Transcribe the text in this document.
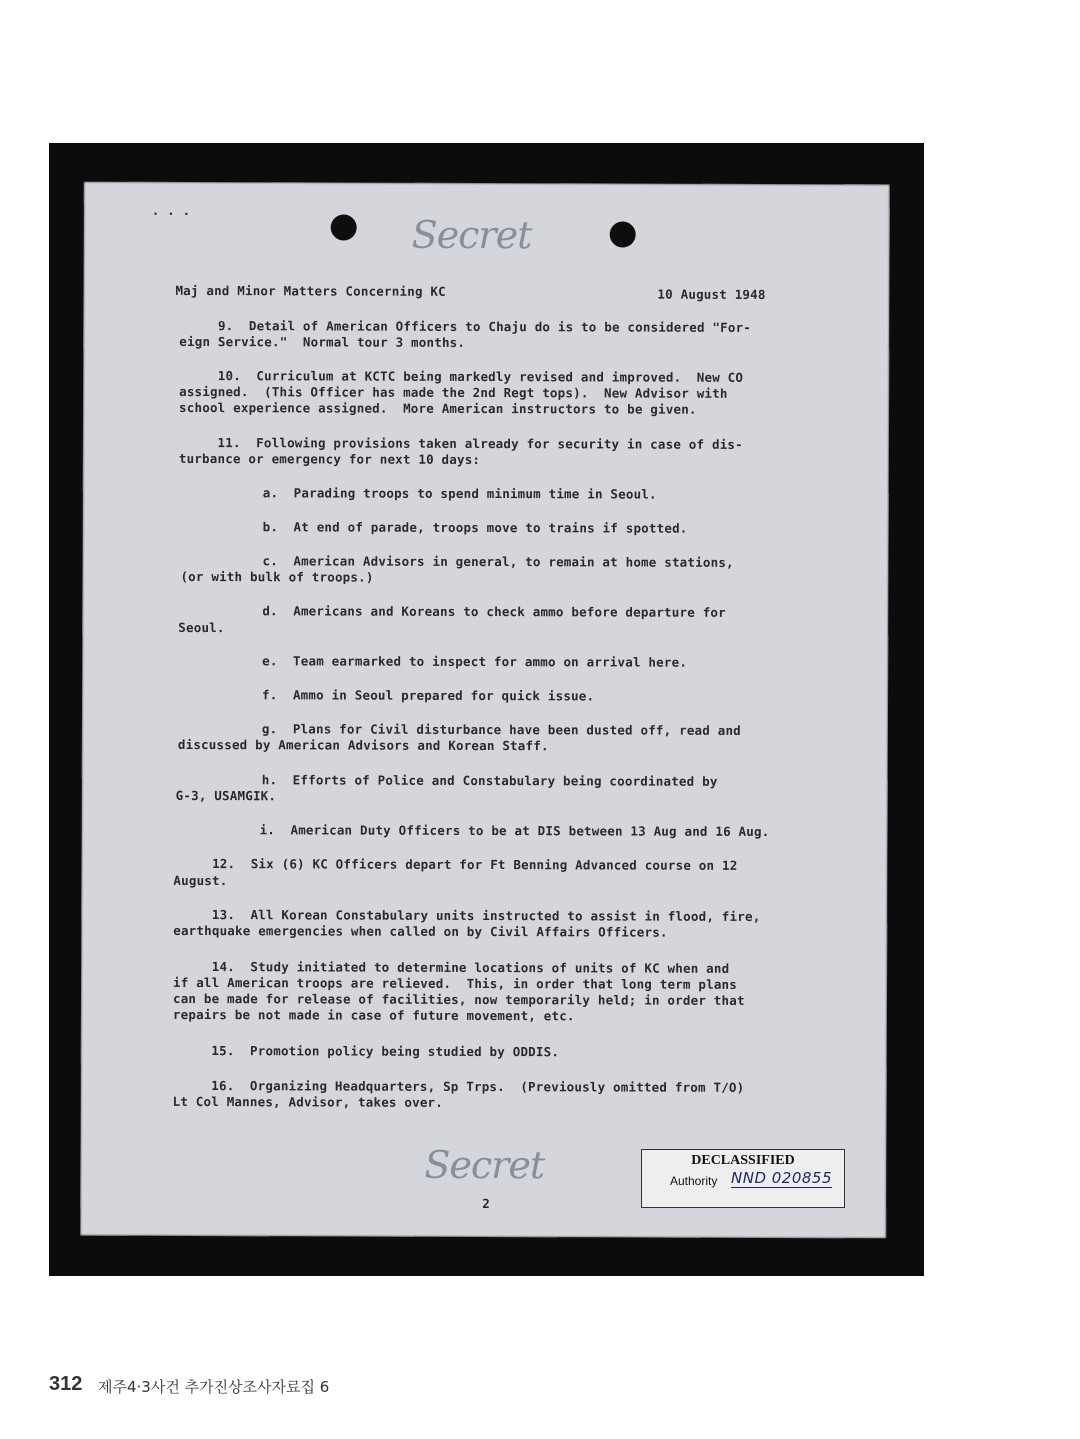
. . .
Secret
Maj and Minor Matters Concerning KC	10 August 1948
9.  Detail of American Officers to Chaju do is to be considered "For-
eign Service."  Normal tour 3 months.
10.  Curriculum at KCTC being markedly revised and improved.  New CO
assigned.  (This Officer has made the 2nd Regt tops).  New Advisor with
school experience assigned.  More American instructors to be given.
11.  Following provisions taken already for security in case of dis-
turbance or emergency for next 10 days:
a.  Parading troops to spend minimum time in Seoul.
b.  At end of parade, troops move to trains if spotted.
c.  American Advisors in general, to remain at home stations,
(or with bulk of troops.)
d.  Americans and Koreans to check ammo before departure for
Seoul.
e.  Team earmarked to inspect for ammo on arrival here.
f.  Ammo in Seoul prepared for quick issue.
g.  Plans for Civil disturbance have been dusted off, read and
discussed by American Advisors and Korean Staff.
h.  Efforts of Police and Constabulary being coordinated by
G-3, USAMGIK.
i.  American Duty Officers to be at DIS between 13 Aug and 16 Aug.
12.  Six (6) KC Officers depart for Ft Benning Advanced course on 12
August.
13.  All Korean Constabulary units instructed to assist in flood, fire,
earthquake emergencies when called on by Civil Affairs Officers.
14.  Study initiated to determine locations of units of KC when and
if all American troops are relieved.  This, in order that long term plans
can be made for release of facilities, now temporarily held; in order that
repairs be not made in case of future movement, etc.
15.  Promotion policy being studied by ODDIS.
16.  Organizing Headquarters, Sp Trps.  (Previously omitted from T/O)
Lt Col Mannes, Advisor, takes over.
Secret
2
DECLASSIFIED
Authority NND 020855
312 제주4·3사건 추가진상조사자료집 6
